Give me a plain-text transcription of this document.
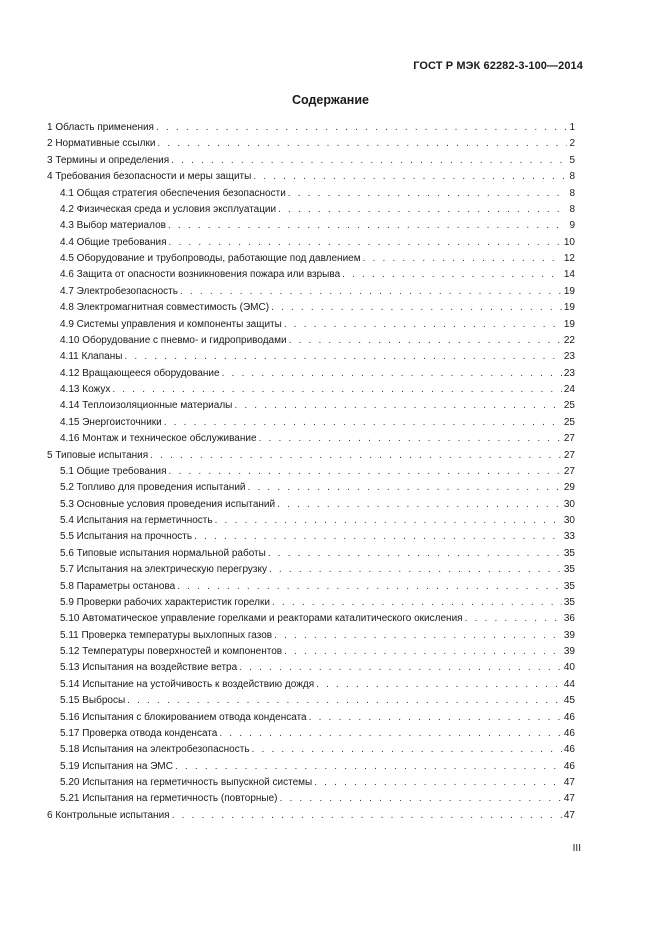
ГОСТ Р МЭК 62282-3-100—2014
Содержание
1 Область применения . . .	1
2 Нормативные ссылки . . .	2
3 Термины и определения . . .	5
4 Требования безопасности и меры защиты . . .	8
4.1 Общая стратегия обеспечения безопасности . . .	8
4.2 Физическая среда и условия эксплуатации . . .	8
4.3 Выбор материалов . . .	9
4.4 Общие требования . . .	10
4.5 Оборудование и трубопроводы, работающие под давлением . . .	12
4.6 Защита от опасности возникновения пожара или взрыва . . .	14
4.7 Электробезопасность . . .	19
4.8 Электромагнитная совместимость (ЭМС) . . .	19
4.9 Системы управления и компоненты защиты . . .	19
4.10 Оборудование с пневмо- и гидроприводами . . .	22
4.11 Клапаны . . .	23
4.12 Вращающееся оборудование . . .	23
4.13 Кожух . . .	24
4.14 Теплоизоляционные материалы . . .	25
4.15 Энергоисточники . . .	25
4.16 Монтаж и техническое обслуживание . . .	27
5 Типовые испытания . . .	27
5.1 Общие требования . . .	27
5.2 Топливо для проведения испытаний . . .	29
5.3 Основные условия проведения испытаний . . .	30
5.4 Испытания на герметичность . . .	30
5.5 Испытания на прочность . . .	33
5.6 Типовые испытания нормальной работы . . .	35
5.7 Испытания на электрическую перегрузку . . .	35
5.8 Параметры останова . . .	35
5.9 Проверки рабочих характеристик горелки . . .	35
5.10 Автоматическое управление горелками и реакторами каталитического окисления . . .	36
5.11 Проверка температуры выхлопных газов . . .	39
5.12 Температуры поверхностей и компонентов . . .	39
5.13 Испытания на воздействие ветра . . .	40
5.14 Испытание на устойчивость к воздействию дождя . . .	44
5.15 Выбросы . . .	45
5.16 Испытания с блокированием отвода конденсата . . .	46
5.17 Проверка отвода конденсата . . .	46
5.18 Испытания на электробезопасность . . .	46
5.19 Испытания на ЭМС . . .	46
5.20 Испытания на герметичность выпускной системы . . .	47
5.21 Испытания на герметичность (повторные) . . .	47
6 Контрольные испытания . . .	47
III
